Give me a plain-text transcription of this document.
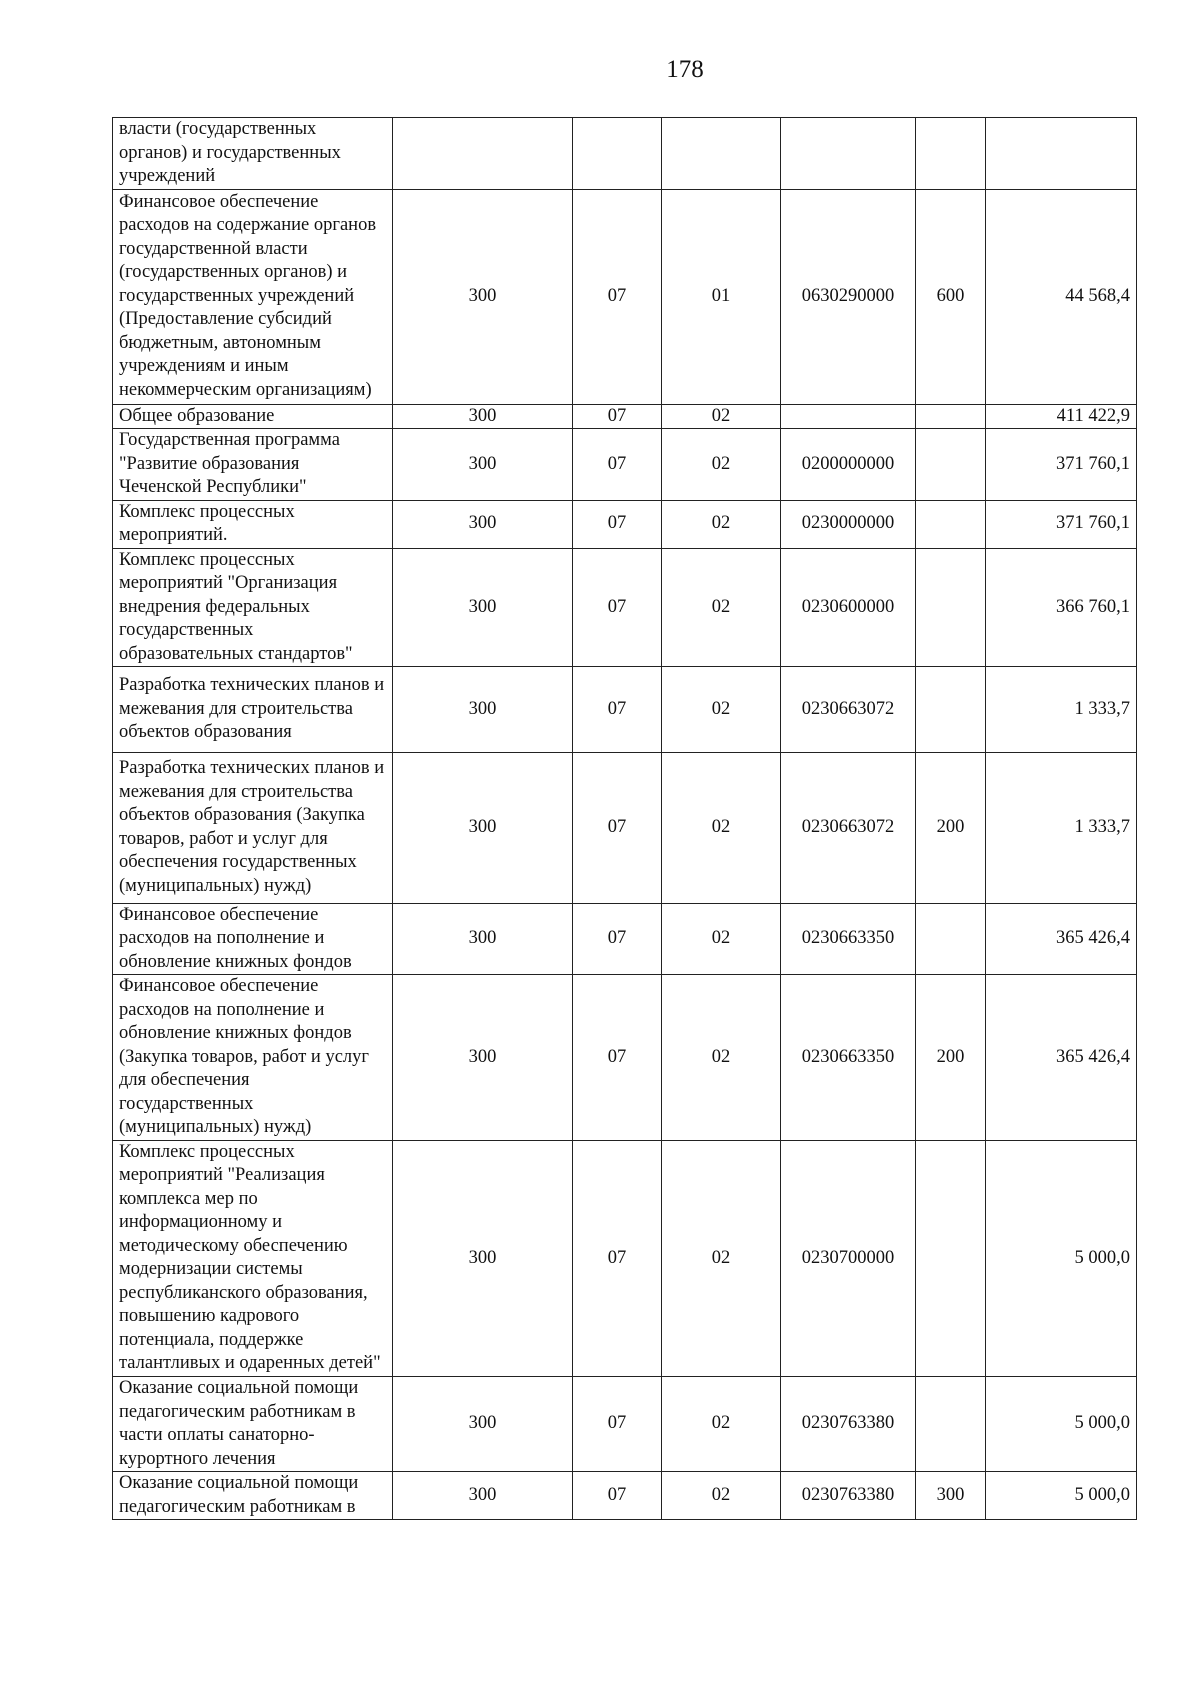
178
власти (государственных органов) и государственных учреждений						
Финансовое обеспечение расходов на содержание органов государственной власти (государственных органов) и государственных учреждений (Предоставление субсидий бюджетным, автономным учреждениям и иным некоммерческим организациям)	300	07	01	0630290000	600	44 568,4
Общее образование	300	07	02			411 422,9
Государственная программа "Развитие образования Чеченской Республики"	300	07	02	0200000000		371 760,1
Комплекс процессных мероприятий.	300	07	02	0230000000		371 760,1
Комплекс процессных мероприятий "Организация внедрения федеральных государственных образовательных стандартов"	300	07	02	0230600000		366 760,1
Разработка технических планов и межевания для строительства объектов образования	300	07	02	0230663072		1 333,7
Разработка технических планов и межевания для строительства объектов образования (Закупка товаров, работ и услуг для обеспечения государственных (муниципальных) нужд)	300	07	02	0230663072	200	1 333,7
Финансовое обеспечение расходов на пополнение и обновление книжных фондов	300	07	02	0230663350		365 426,4
Финансовое обеспечение расходов на пополнение и обновление книжных фондов (Закупка товаров, работ и услуг для обеспечения государственных (муниципальных) нужд)	300	07	02	0230663350	200	365 426,4
Комплекс процессных мероприятий "Реализация комплекса мер по информационному и методическому обеспечению модернизации системы республиканского образования, повышению кадрового потенциала, поддержке талантливых и одаренных детей"	300	07	02	0230700000		5 000,0
Оказание социальной помощи педагогическим работникам в части оплаты санаторно-курортного лечения	300	07	02	0230763380		5 000,0
Оказание социальной помощи педагогическим работникам в	300	07	02	0230763380	300	5 000,0
